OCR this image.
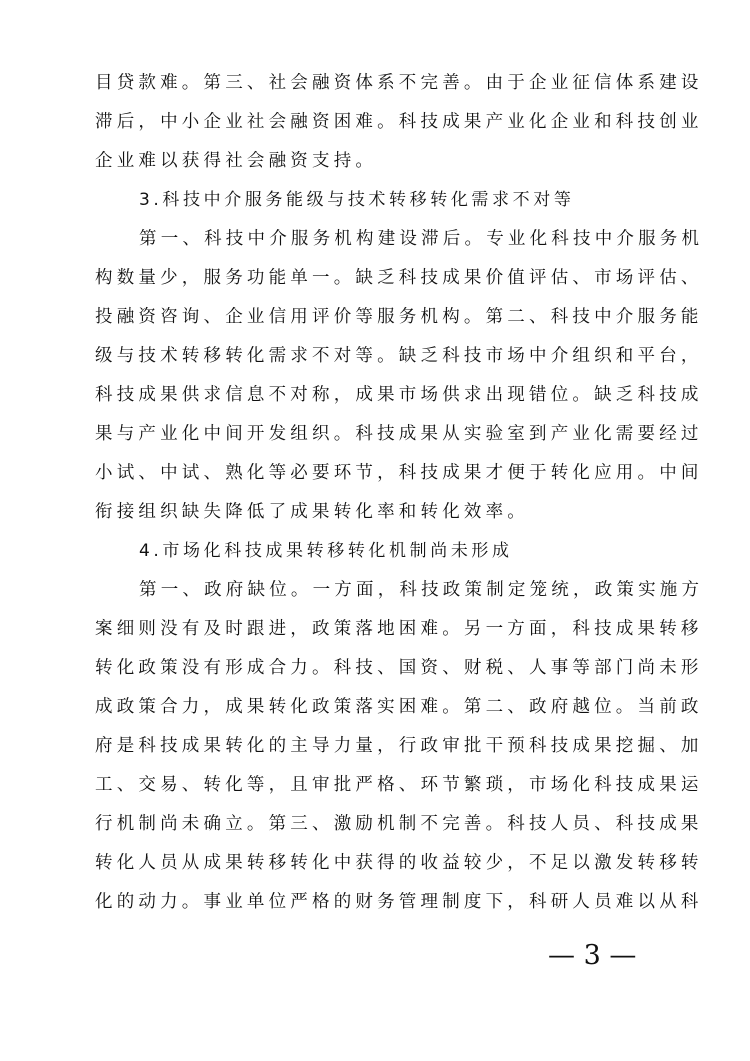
目贷款难。第三、社会融资体系不完善。由于企业征信体系建设
滞后，中小企业社会融资困难。科技成果产业化企业和科技创业
企业难以获得社会融资支持。
3.科技中介服务能级与技术转移转化需求不对等
第一、科技中介服务机构建设滞后。专业化科技中介服务机
构数量少，服务功能单一。缺乏科技成果价值评估、市场评估、
投融资咨询、企业信用评价等服务机构。第二、科技中介服务能
级与技术转移转化需求不对等。缺乏科技市场中介组织和平台，
科技成果供求信息不对称，成果市场供求出现错位。缺乏科技成
果与产业化中间开发组织。科技成果从实验室到产业化需要经过
小试、中试、熟化等必要环节，科技成果才便于转化应用。中间
衔接组织缺失降低了成果转化率和转化效率。
4.市场化科技成果转移转化机制尚未形成
第一、政府缺位。一方面，科技政策制定笼统，政策实施方
案细则没有及时跟进，政策落地困难。另一方面，科技成果转移
转化政策没有形成合力。科技、国资、财税、人事等部门尚未形
成政策合力，成果转化政策落实困难。第二、政府越位。当前政
府是科技成果转化的主导力量，行政审批干预科技成果挖掘、加
工、交易、转化等，且审批严格、环节繁琐，市场化科技成果运
行机制尚未确立。第三、激励机制不完善。科技人员、科技成果
转化人员从成果转移转化中获得的收益较少，不足以激发转移转
化的动力。事业单位严格的财务管理制度下，科研人员难以从科
— 3 —
